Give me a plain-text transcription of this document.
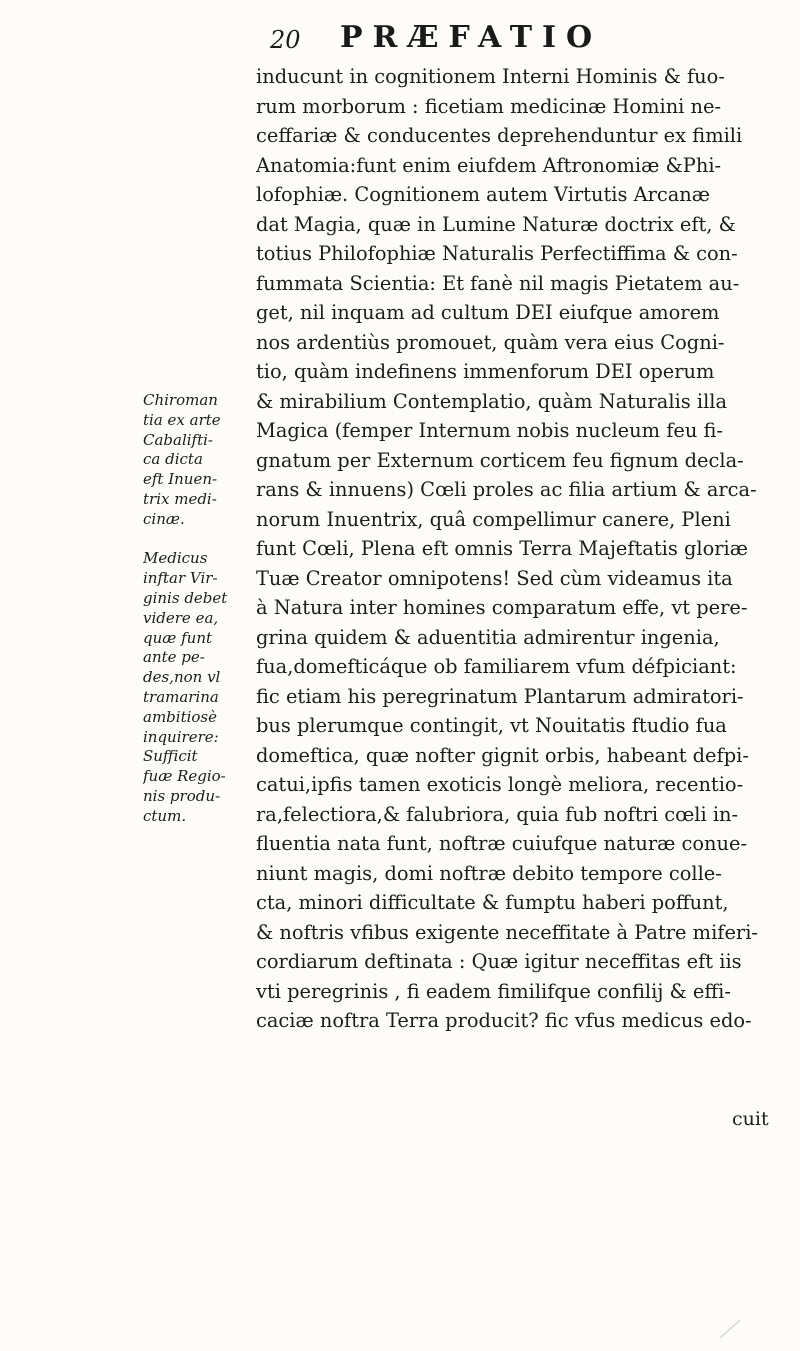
20 PRÆFATIO
inducunt in cognitionem Interni Hominis & fuo-
rum morborum : ficetiam medicinæ Homini ne-
ceffariæ & conducentes deprehenduntur ex fimili
Anatomia:funt enim eiufdem Aftronomiæ &Phi-
lofophiæ. Cognitionem autem Virtutis Arcanæ
dat Magia, quæ in Lumine Naturæ doctrix eft, &
totius Philofophiæ Naturalis Perfectiffima & con-
fummata Scientia: Et fanè nil magis Pietatem au-
get, nil inquam ad cultum DEI eiufque amorem
nos ardentiùs promouet, quàm vera eius Cogni-
tio, quàm indefinens immenforum DEI operum
& mirabilium Contemplatio, quàm Naturalis illa
Magica (femper Internum nobis nucleum feu fi-
gnatum per Externum corticem feu fignum decla-
rans & innuens) Cœli proles ac filia artium & arca-
norum Inuentrix, quâ compellimur canere, Pleni
funt Cœli, Plena eft omnis Terra Majeftatis gloriæ
Tuæ Creator omnipotens! Sed cùm videamus ita
à Natura inter homines comparatum effe, vt pere-
grina quidem & aduentitia admirentur ingenia,
fua,domefticáque ob familiarem vfum défpiciant:
fic etiam his peregrinatum Plantarum admiratori-
bus plerumque contingit, vt Nouitatis ftudio fua
domeftica, quæ nofter gignit orbis, habeant defpi-
catui,ipfis tamen exoticis longè meliora, recentio-
ra,felectiora,& falubriora, quia fub noftri cœli in-
fluentia nata funt, noftræ cuiufque naturæ conue-
niunt magis, domi noftræ debito tempore colle-
cta, minori difficultate & fumptu haberi poffunt,
& noftris vfibus exigente neceffitate à Patre miferi-
cordiarum deftinata : Quæ igitur neceffitas eft iis
vti peregrinis , fi eadem fimilifque confilij & effi-
caciæ noftra Terra producit? fic vfus medicus edo-
Chiroman
tia ex arte
Cabalifti-
ca dicta
eft Inuen-
trix medi-
cinæ.

Medicus
inftar Vir-
ginis debet
videre ea,
quæ funt
ante pe-
des,non vl
tramarina
ambitiosè
inquirere:
Sufficit
fuæ Regio-
nis produ-
ctum.
cuit
